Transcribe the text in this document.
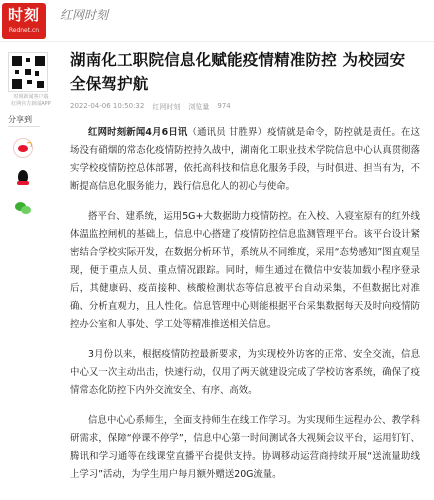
时刻
Rednet.cn
红网时刻
时刻新闻客户端
红网官方新闻APP
分享到
湖南化工职院信息化赋能疫情精准防控 为校园安全保驾护航
2022-04-06 10:50:32 红网时刻 浏览量 974

红网时刻新闻4月6日讯（通讯员 甘胜界）疫情就是命令，防控就是责任。在这场没有硝烟的常态化疫情防控持久战中，湖南化工职业技术学院信息中心认真贯彻落实学校疫情防控总体部署，依托高科技和信息化服务手段，与时俱进、担当有为，不断提高信息化服务能力，践行信息化人的初心与使命。

搭平台、建系统，运用5G+大数据助力疫情防控。在入校、入寝室原有的红外线体温监控闸机的基础上，信息中心搭建了疫情防控信息监测管理平台。该平台设计紧密结合学校实际开发，在数据分析环节，系统从不同维度，采用“态势感知”图直观呈现，便于重点人员、重点情况跟踪。同时，师生通过在微信中安装加载小程序登录后，其健康码、疫苗接种、核酸检测状态等信息被平台自动采集，不但数据比对准确、分析直观力，且人性化。信息管理中心则能根据平台采集数据每天及时向疫情防控办公室和人事处、学工处等精准推送相关信息。

3月份以来，根据疫情防控最新要求，为实现校外访客的正常、安全交流，信息中心又一次主动出击，快速行动，仅用了两天就建设完成了学校访客系统，确保了疫情常态化防控下内外交流安全、有序、高效。

信息中心心系师生，全面支持师生在线工作学习。为实现师生远程办公、教学科研需求，保障“停课不停学”，信息中心第一时间测试各大视频会议平台，运用钉钉、腾讯和学习通等在线课堂直播平台提供支持。协调移动运营商持续开展“送流量助线上学习”活动，为学生用户每月额外赠送20G流量。
